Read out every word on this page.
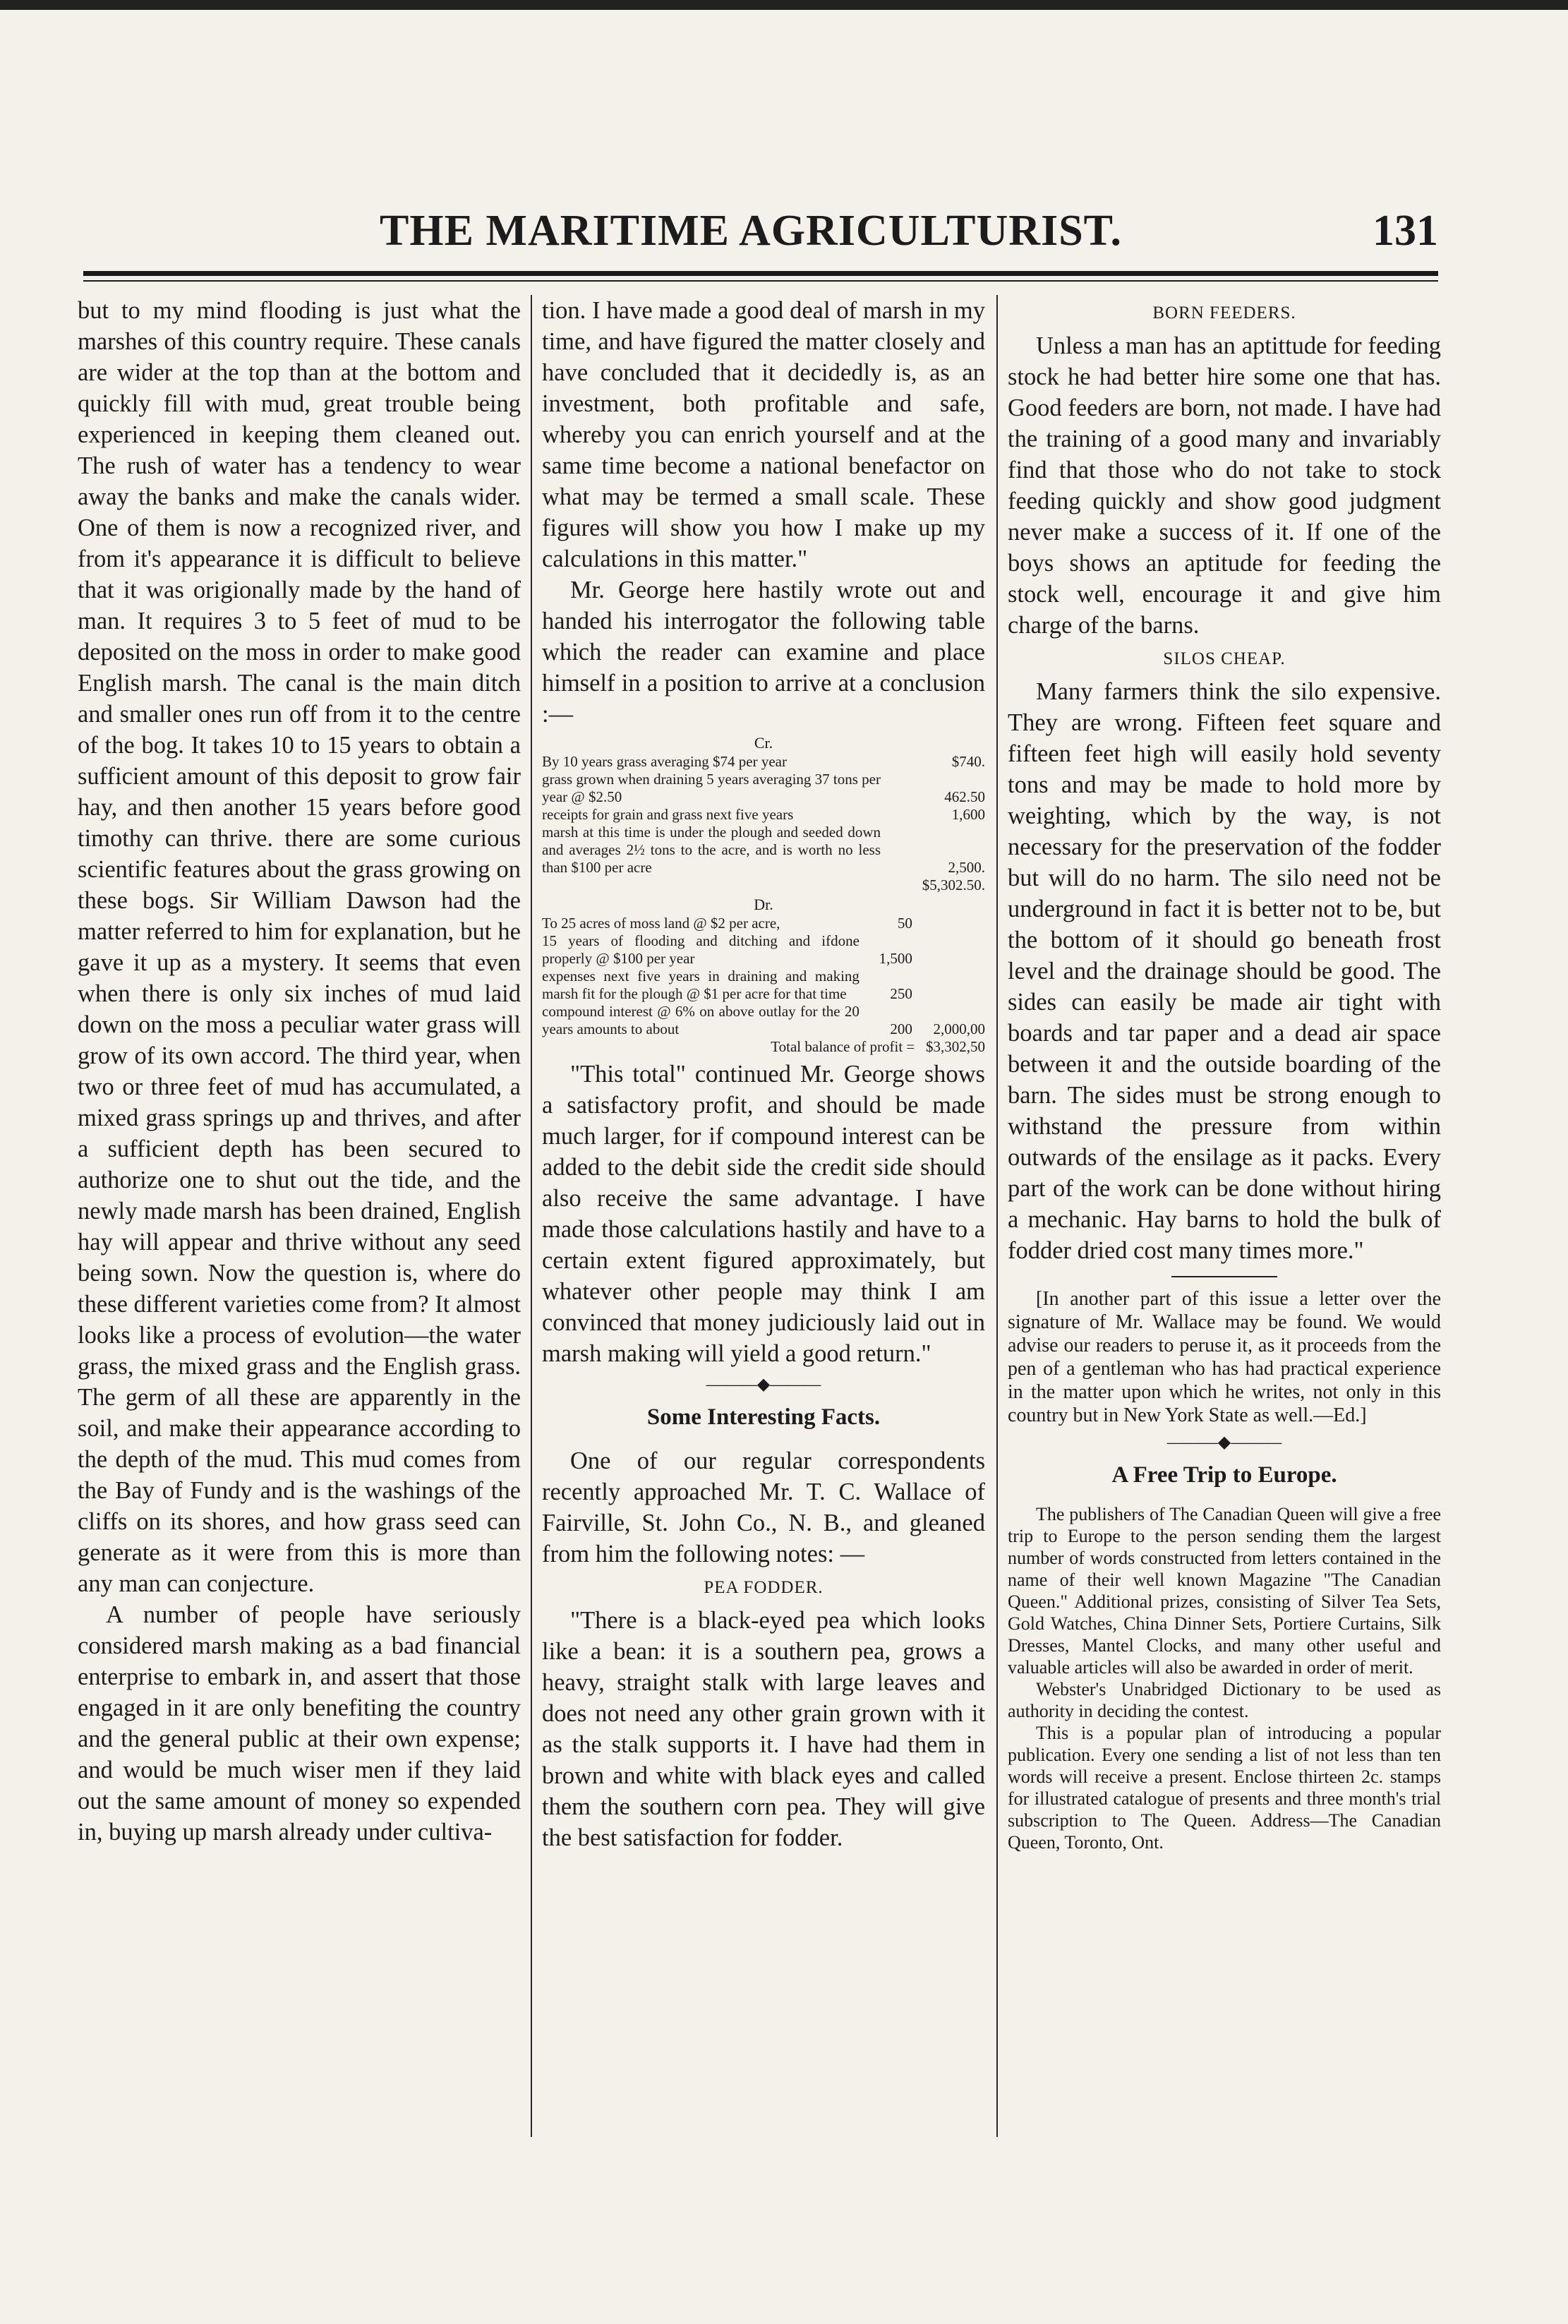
THE MARITIME AGRICULTURIST.	131

but to my mind flooding is just what the marshes of this country require. These canals are wider at the top than at the bottom and quickly fill with mud, great trouble being experienced in keeping them cleaned out. The rush of water has a tendency to wear away the banks and make the canals wider. One of them is now a recognized river, and from it's appearance it is difficult to believe that it was origionally made by the hand of man. It requires 3 to 5 feet of mud to be deposited on the moss in order to make good English marsh. The canal is the main ditch and smaller ones run off from it to the centre of the bog. It takes 10 to 15 years to obtain a sufficient amount of this deposit to grow fair hay, and then another 15 years before good timothy can thrive. there are some curious scientific features about the grass growing on these bogs. Sir William Dawson had the matter referred to him for explanation, but he gave it up as a mystery. It seems that even when there is only six inches of mud laid down on the moss a peculiar water grass will grow of its own accord. The third year, when two or three feet of mud has accumulated, a mixed grass springs up and thrives, and after a sufficient depth has been secured to authorize one to shut out the tide, and the newly made marsh has been drained, English hay will appear and thrive without any seed being sown. Now the question is, where do these different varieties come from? It almost looks like a process of evolution—the water grass, the mixed grass and the English grass. The germ of all these are apparently in the soil, and make their appearance according to the depth of the mud. This mud comes from the Bay of Fundy and is the washings of the cliffs on its shores, and how grass seed can generate as it were from this is more than any man can conjecture.

A number of people have seriously considered marsh making as a bad financial enterprise to embark in, and assert that those engaged in it are only benefiting the country and the general public at their own expense; and would be much wiser men if they laid out the same amount of money so expended in, buying up marsh already under cultiva-

tion. I have made a good deal of marsh in my time, and have figured the matter closely and have concluded that it decidedly is, as an investment, both profitable and safe, whereby you can enrich yourself and at the same time become a national benefactor on what may be termed a small scale. These figures will show you how I make up my calculations in this matter."

Mr. George here hastily wrote out and handed his interrogator the following table which the reader can examine and place himself in a position to arrive at a conclusion :—

Cr.
By 10 years grass averaging $74 per year	$740.
grass grown when draining 5 years averaging 37 tons per year @ $2.50	462.50
receipts for grain and grass next five years	1,600
marsh at this time is under the plough and seeded down and averages 2½ tons to the acre, and is worth no less than $100 per acre	2,500.
$5,302.50.
Dr.
To 25 acres of moss land @ $2 per acre,	50
15 years of flooding and ditching and ifdone properly @ $100 per year	1,500
expenses next five years in draining and making marsh fit for the plough @ $1 per acre for that time	250
compound interest @ 6% on above outlay for the 20 years amounts to about	200	2,000,00
Total balance of profit = $3,302,50

"This total" continued Mr. George shows a satisfactory profit, and should be made much larger, for if compound interest can be added to the debit side the credit side should also receive the same advantage. I have made those calculations hastily and have to a certain extent figured approximately, but whatever other people may think I am convinced that money judiciously laid out in marsh making will yield a good return."

———◆———
Some Interesting Facts.

One of our regular correspondents recently approached Mr. T. C. Wallace of Fairville, St. John Co., N. B., and gleaned from him the following notes: —

PEA FODDER.

"There is a black-eyed pea which looks like a bean: it is a southern pea, grows a heavy, straight stalk with large leaves and does not need any other grain grown with it as the stalk supports it. I have had them in brown and white with black eyes and called them the southern corn pea. They will give the best satisfaction for fodder.

BORN FEEDERS.

Unless a man has an aptittude for feeding stock he had better hire some one that has. Good feeders are born, not made. I have had the training of a good many and invariably find that those who do not take to stock feeding quickly and show good judgment never make a success of it. If one of the boys shows an aptitude for feeding the stock well, encourage it and give him charge of the barns.

SILOS CHEAP.

Many farmers think the silo expensive. They are wrong. Fifteen feet square and fifteen feet high will easily hold seventy tons and may be made to hold more by weighting, which by the way, is not necessary for the preservation of the fodder but will do no harm. The silo need not be underground in fact it is better not to be, but the bottom of it should go beneath frost level and the drainage should be good. The sides can easily be made air tight with boards and tar paper and a dead air space between it and the outside boarding of the barn. The sides must be strong enough to withstand the pressure from within outwards of the ensilage as it packs. Every part of the work can be done without hiring a mechanic. Hay barns to hold the bulk of fodder dried cost many times more."

[In another part of this issue a letter over the signature of Mr. Wallace may be found. We would advise our readers to peruse it, as it proceeds from the pen of a gentleman who has had practical experience in the matter upon which he writes, not only in this country but in New York State as well.—Ed.]

———◆———
A Free Trip to Europe.

The publishers of The Canadian Queen will give a free trip to Europe to the person sending them the largest number of words constructed from letters contained in the name of their well known Magazine "The Canadian Queen." Additional prizes, consisting of Silver Tea Sets, Gold Watches, China Dinner Sets, Portiere Curtains, Silk Dresses, Mantel Clocks, and many other useful and valuable articles will also be awarded in order of merit.

Webster's Unabridged Dictionary to be used as authority in deciding the contest.

This is a popular plan of introducing a popular publication. Every one sending a list of not less than ten words will receive a present. Enclose thirteen 2c. stamps for illustrated catalogue of presents and three month's trial subscription to The Queen. Address—The Canadian Queen, Toronto, Ont.
